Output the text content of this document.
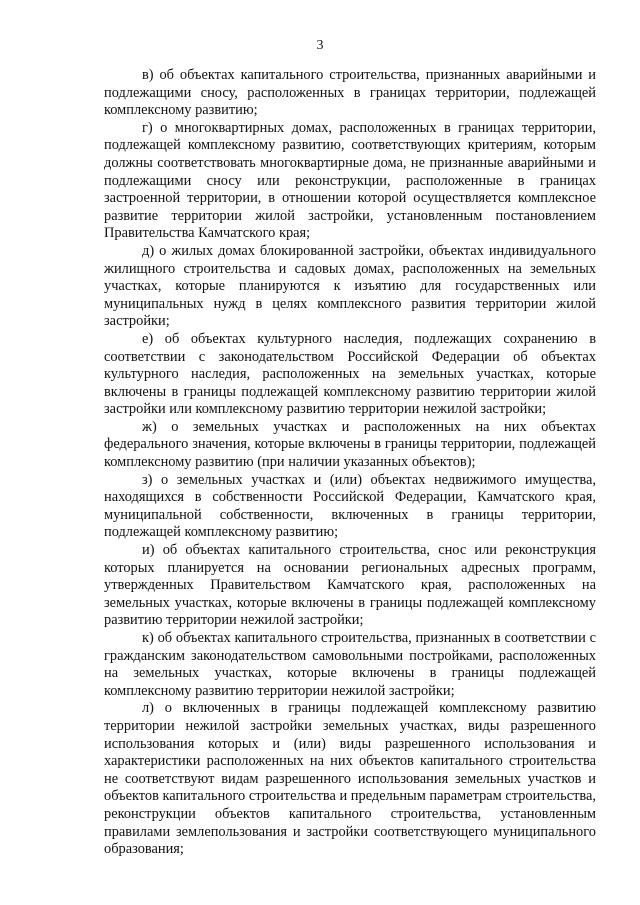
3

в) об объектах капитального строительства, признанных аварийными и подлежащими сносу, расположенных в границах территории, подлежащей комплексному развитию;

г) о многоквартирных домах, расположенных в границах территории, подлежащей комплексному развитию, соответствующих критериям, которым должны соответствовать многоквартирные дома, не признанные аварийными и подлежащими сносу или реконструкции, расположенные в границах застроенной территории, в отношении которой осуществляется комплексное развитие территории жилой застройки, установленным постановлением Правительства Камчатского края;

д) о жилых домах блокированной застройки, объектах индивидуального жилищного строительства и садовых домах, расположенных на земельных участках, которые планируются к изъятию для государственных или муниципальных нужд в целях комплексного развития территории жилой застройки;

е) об объектах культурного наследия, подлежащих сохранению в соответствии с законодательством Российской Федерации об объектах культурного наследия, расположенных на земельных участках, которые включены в границы подлежащей комплексному развитию территории жилой застройки или комплексному развитию территории нежилой застройки;

ж) о земельных участках и расположенных на них объектах федерального значения, которые включены в границы территории, подлежащей комплексному развитию (при наличии указанных объектов);

з) о земельных участках и (или) объектах недвижимого имущества, находящихся в собственности Российской Федерации, Камчатского края, муниципальной собственности, включенных в границы территории, подлежащей комплексному развитию;

и) об объектах капитального строительства, снос или реконструкция которых планируется на основании региональных адресных программ, утвержденных Правительством Камчатского края, расположенных на земельных участках, которые включены в границы подлежащей комплексному развитию территории нежилой застройки;

к) об объектах капитального строительства, признанных в соответствии с гражданским законодательством самовольными постройками, расположенных на земельных участках, которые включены в границы подлежащей комплексному развитию территории нежилой застройки;

л) о включенных в границы подлежащей комплексному развитию территории нежилой застройки земельных участках, виды разрешенного использования которых и (или) виды разрешенного использования и характеристики расположенных на них объектов капитального строительства не соответствуют видам разрешенного использования земельных участков и объектов капитального строительства и предельным параметрам строительства, реконструкции объектов капитального строительства, установленным правилами землепользования и застройки соответствующего муниципального образования;
